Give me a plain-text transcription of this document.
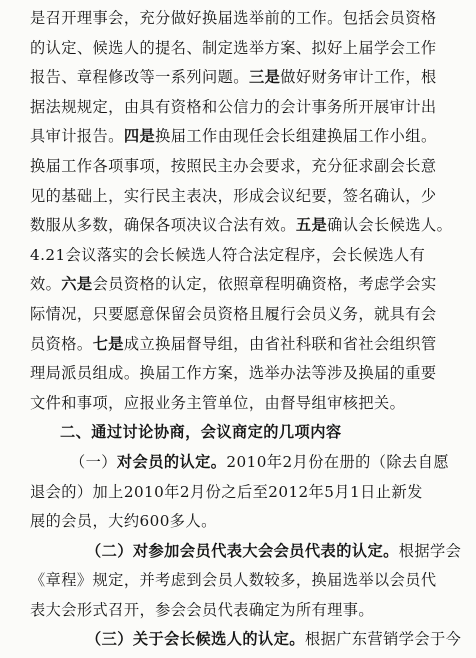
是召开理事会，充分做好换届选举前的工作。包括会员资格
的认定、候选人的提名、制定选举方案、拟好上届学会工作
报告、章程修改等一系列问题。三是做好财务审计工作，根
据法规规定，由具有资格和公信力的会计事务所开展审计出
具审计报告。四是换届工作由现任会长组建换届工作小组。
换届工作各项事项，按照民主办会要求，充分征求副会长意
见的基础上，实行民主表决，形成会议纪要，签名确认，少
数服从多数，确保各项决议合法有效。五是确认会长候选人。
4.21会议落实的会长候选人符合法定程序，会长候选人有
效。六是会员资格的认定，依照章程明确资格，考虑学会实
际情况，只要愿意保留会员资格且履行会员义务，就具有会
员资格。七是成立换届督导组，由省社科联和省社会组织管
理局派员组成。换届工作方案，选举办法等涉及换届的重要
文件和事项，应报业务主管单位，由督导组审核把关。
二、通过讨论协商，会议商定的几项内容
（一）对会员的认定。2010年2月份在册的（除去自愿
退会的）加上2010年2月份之后至2012年5月1日止新发
展的会员，大约600多人。
（二）对参加会员代表大会会员代表的认定。根据学会
《章程》规定，并考虑到会员人数较多，换届选举以会员代
表大会形式召开，参会会员代表确定为所有理事。
（三）关于会长候选人的认定。根据广东营销学会于今
